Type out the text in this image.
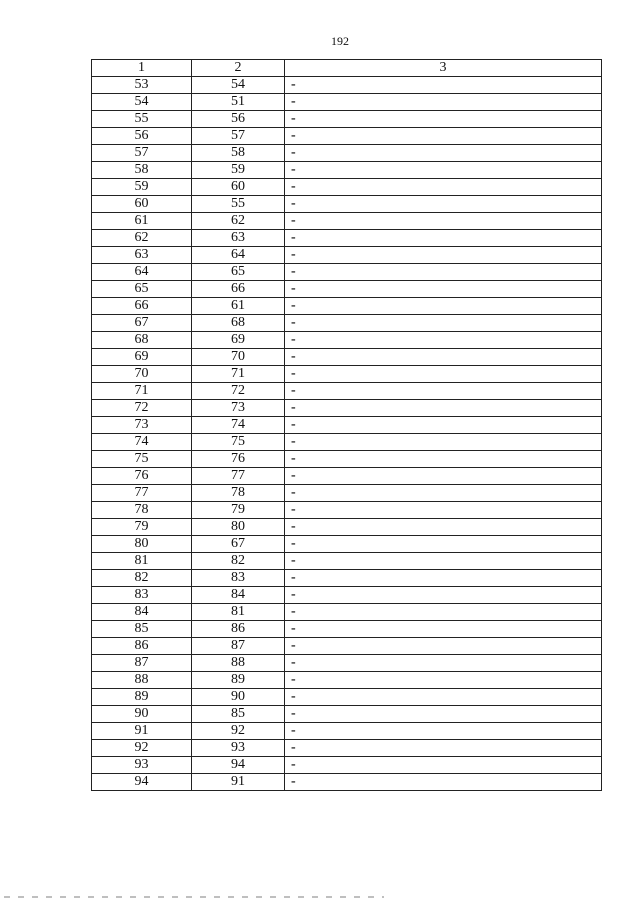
192
1	2	3
53	54	-
54	51	-
55	56	-
56	57	-
57	58	-
58	59	-
59	60	-
60	55	-
61	62	-
62	63	-
63	64	-
64	65	-
65	66	-
66	61	-
67	68	-
68	69	-
69	70	-
70	71	-
71	72	-
72	73	-
73	74	-
74	75	-
75	76	-
76	77	-
77	78	-
78	79	-
79	80	-
80	67	-
81	82	-
82	83	-
83	84	-
84	81	-
85	86	-
86	87	-
87	88	-
88	89	-
89	90	-
90	85	-
91	92	-
92	93	-
93	94	-
94	91	-
